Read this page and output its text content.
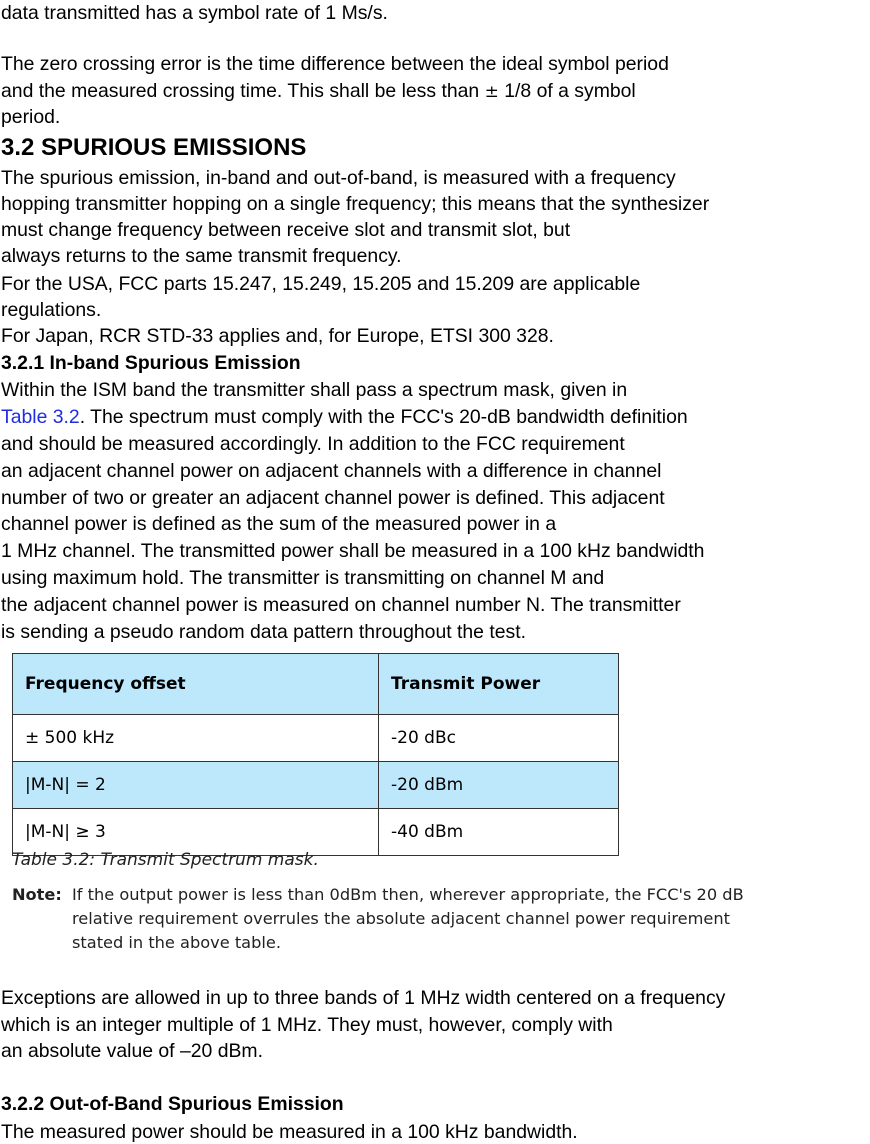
data transmitted has a symbol rate of 1 Ms/s.
The zero crossing error is the time difference between the ideal symbol period
and the measured crossing time. This shall be less than ± 1/8 of a symbol
period.
3.2 SPURIOUS EMISSIONS
The spurious emission, in-band and out-of-band, is measured with a frequency
hopping transmitter hopping on a single frequency; this means that the synthesizer
must change frequency between receive slot and transmit slot, but
always returns to the same transmit frequency.
For the USA, FCC parts 15.247, 15.249, 15.205 and 15.209 are applicable
regulations.
For Japan, RCR STD-33 applies and, for Europe, ETSI 300 328.
3.2.1 In-band Spurious Emission
Within the ISM band the transmitter shall pass a spectrum mask, given in
Table 3.2. The spectrum must comply with the FCC's 20-dB bandwidth definition
and should be measured accordingly. In addition to the FCC requirement
an adjacent channel power on adjacent channels with a difference in channel
number of two or greater an adjacent channel power is defined. This adjacent
channel power is defined as the sum of the measured power in a
1 MHz channel. The transmitted power shall be measured in a 100 kHz bandwidth
using maximum hold. The transmitter is transmitting on channel M and
the adjacent channel power is measured on channel number N. The transmitter
is sending a pseudo random data pattern throughout the test.
Frequency offset	Transmit Power
± 500 kHz	-20 dBc
|M-N| = 2	-20 dBm
|M-N| ≥ 3	-40 dBm
Table 3.2: Transmit Spectrum mask.
Note: If the output power is less than 0dBm then, wherever appropriate, the FCC's 20 dB
relative requirement overrules the absolute adjacent channel power requirement
stated in the above table.
Exceptions are allowed in up to three bands of 1 MHz width centered on a frequency
which is an integer multiple of 1 MHz. They must, however, comply with
an absolute value of –20 dBm.
3.2.2 Out-of-Band Spurious Emission
The measured power should be measured in a 100 kHz bandwidth.
